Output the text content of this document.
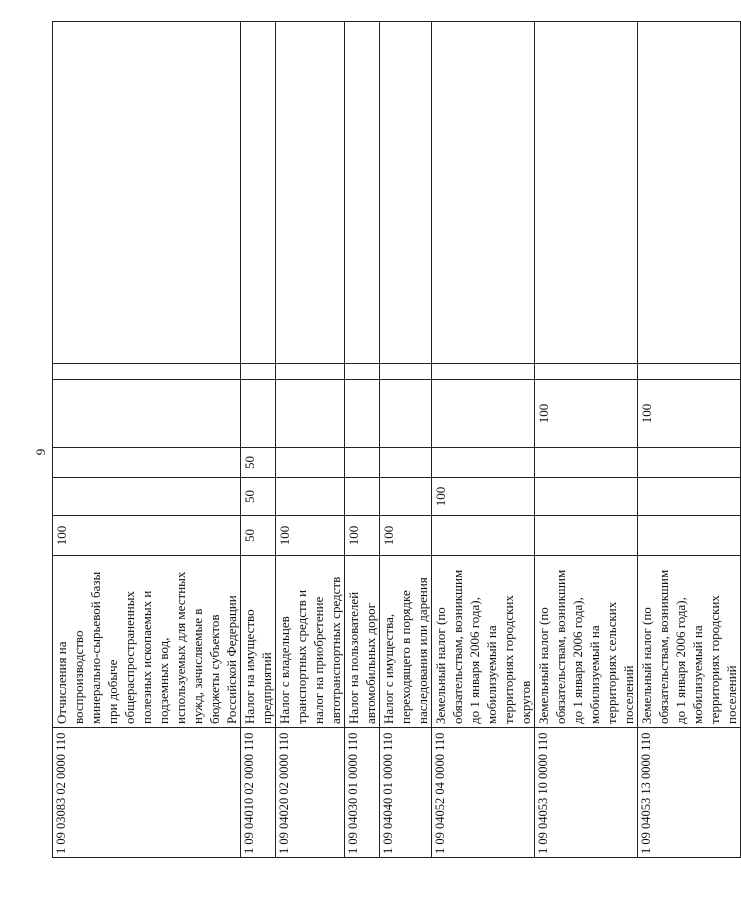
9
1 09 03083 02 0000 110	Отчисления на воспроизводство минерально-сырьевой базы при добыче общераспространенных полезных ископаемых и подземных вод, используемых для местных нужд, зачисляемые в бюджеты субъектов Российской Федерации	100					
1 09 04010 02 0000 110	Налог на имущество предприятий	50	50	50			
1 09 04020 02 0000 110	Налог с владельцев транспортных средств и налог на приобретение автотранспортных средств	100					
1 09 04030 01 0000 110	Налог на пользователей автомобильных дорог	100					
1 09 04040 01 0000 110	Налог с имущества, переходящего в порядке наследования или дарения	100					
1 09 04052 04 0000 110	Земельный налог (по обязательствам, возникшим до 1 января 2006 года), мобилизуемый на территориях городских округов		100				
1 09 04053 10 0000 110	Земельный налог (по обязательствам, возникшим до 1 января 2006 года), мобилизуемый на территориях сельских поселений				100		
1 09 04053 13 0000 110	Земельный налог (по обязательствам, возникшим до 1 января 2006 года), мобилизуемый на территориях городских поселений				100		
